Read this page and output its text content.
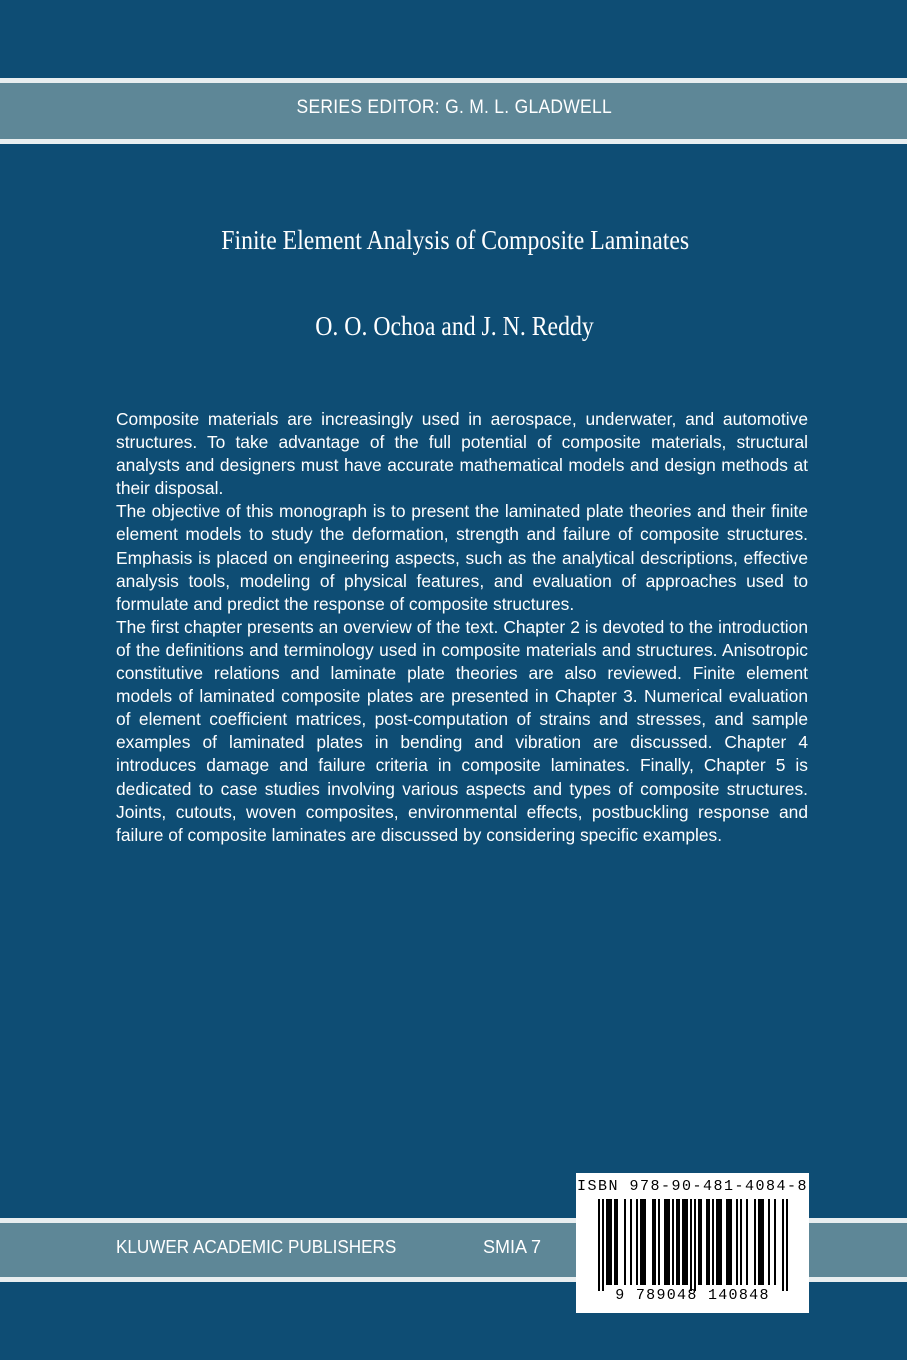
SERIES EDITOR: G. M. L. GLADWELL
Finite Element Analysis of Composite Laminates
O. O. Ochoa and J. N. Reddy

Composite materials are increasingly used in aerospace, underwater, and automotive structures. To take advantage of the full potential of composite materials, structural analysts and designers must have accurate mathematical models and design methods at their disposal.

The objective of this monograph is to present the laminated plate theories and their finite element models to study the deformation, strength and failure of composite structures. Emphasis is placed on engineering aspects, such as the analytical descriptions, effective analysis tools, modeling of physical features, and evaluation of approaches used to formulate and predict the response of composite structures.

The first chapter presents an overview of the text. Chapter 2 is devoted to the introduction of the definitions and terminology used in composite materials and structures. Anisotropic constitutive relations and laminate plate theories are also reviewed. Finite element models of laminated composite plates are presented in Chapter 3. Numerical evaluation of element coefficient matrices, post-computation of strains and stresses, and sample examples of laminated plates in bending and vibration are discussed. Chapter 4 introduces damage and failure criteria in composite laminates. Finally, Chapter 5 is dedicated to case studies involving various aspects and types of composite structures. Joints, cutouts, woven composites, environmental effects, postbuckling response and failure of composite laminates are discussed by considering specific examples.

KLUWER ACADEMIC PUBLISHERS	SMIA 7
ISBN 978-90-481-4084-8
9 789048 140848
